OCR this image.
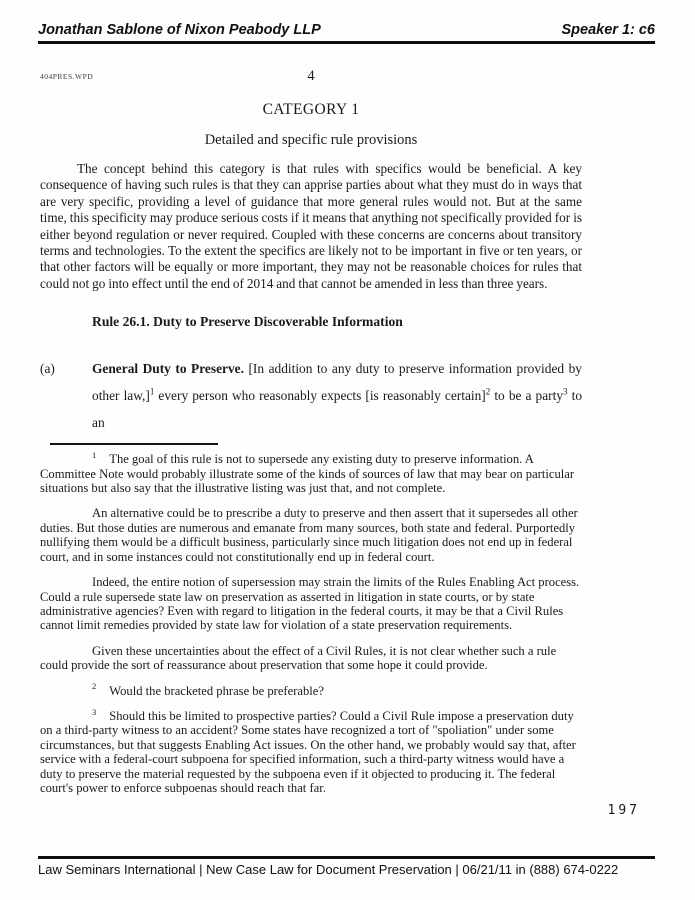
Jonathan Sablone of Nixon Peabody LLP	Speaker 1: c6
404PRES.WPD	4
CATEGORY 1
Detailed and specific rule provisions
The concept behind this category is that rules with specifics would be beneficial. A key consequence of having such rules is that they can apprise parties about what they must do in ways that are very specific, providing a level of guidance that more general rules would not. But at the same time, this specificity may produce serious costs if it means that anything not specifically provided for is either beyond regulation or never required. Coupled with these concerns are concerns about transitory terms and technologies. To the extent the specifics are likely not to be important in five or ten years, or that other factors will be equally or more important, they may not be reasonable choices for rules that could not go into effect until the end of 2014 and that cannot be amended in less than three years.
Rule 26.1. Duty to Preserve Discoverable Information
(a)	General Duty to Preserve. [In addition to any duty to preserve information provided by other law,]$^1$ every person who reasonably expects [is reasonably certain]$^2$ to be a party$^3$ to an

$^1$ The goal of this rule is not to supersede any existing duty to preserve information. A Committee Note would probably illustrate some of the kinds of sources of law that may bear on particular situations but also say that the illustrative listing was just that, and not complete.

An alternative could be to prescribe a duty to preserve and then assert that it supersedes all other duties. But those duties are numerous and emanate from many sources, both state and federal. Purportedly nullifying them would be a difficult business, particularly since much litigation does not end up in federal court, and in some instances could not constitutionally end up in federal court.

Indeed, the entire notion of supersession may strain the limits of the Rules Enabling Act process. Could a rule supersede state law on preservation as asserted in litigation in state courts, or by state administrative agencies? Even with regard to litigation in the federal courts, it may be that a Civil Rules cannot limit remedies provided by state law for violation of a state preservation requirements.

Given these uncertainties about the effect of a Civil Rules, it is not clear whether such a rule could provide the sort of reassurance about preservation that some hope it could provide.

$^2$ Would the bracketed phrase be preferable?

$^3$ Should this be limited to prospective parties? Could a Civil Rule impose a preservation duty on a third-party witness to an accident? Some states have recognized a tort of "spoliation" under some circumstances, but that suggests Enabling Act issues. On the other hand, we probably would say that, after service with a federal-court subpoena for specified information, such a third-party witness would have a duty to preserve the material requested by the subpoena even if it objected to producing it. The federal court's power to enforce subpoenas should reach that far.

197
Law Seminars International | New Case Law for Document Preservation | 06/21/11 in (888) 674-0222
